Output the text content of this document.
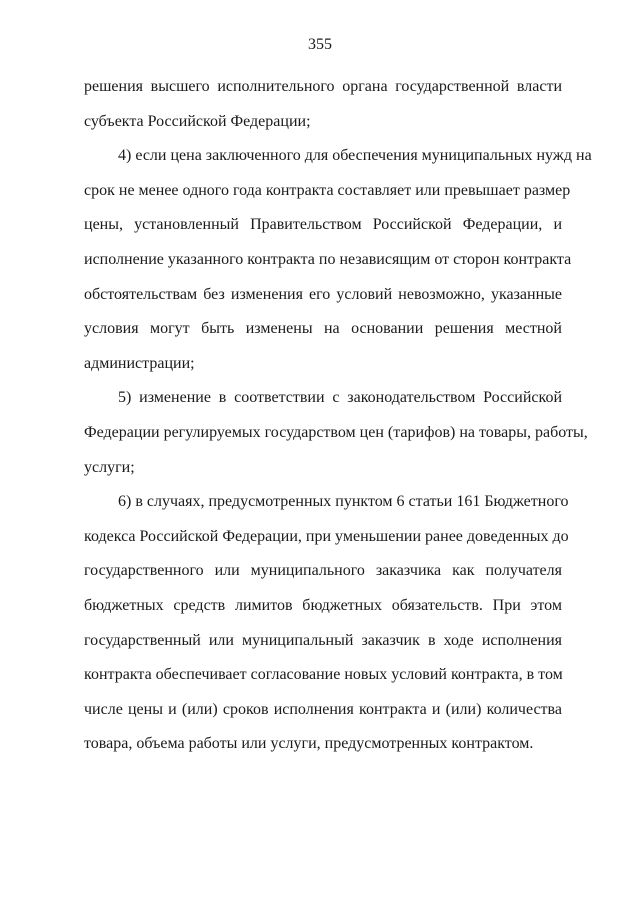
355

решения высшего исполнительного органа государственной власти
субъекта Российской Федерации;

4) если цена заключенного для обеспечения муниципальных нужд на
срок не менее одного года контракта составляет или превышает размер
цены, установленный Правительством Российской Федерации, и
исполнение указанного контракта по независящим от сторон контракта
обстоятельствам без изменения его условий невозможно, указанные
условия могут быть изменены на основании решения местной
администрации;

5) изменение в соответствии с законодательством Российской
Федерации регулируемых государством цен (тарифов) на товары, работы,
услуги;

6) в случаях, предусмотренных пунктом 6 статьи 161 Бюджетного
кодекса Российской Федерации, при уменьшении ранее доведенных до
государственного или муниципального заказчика как получателя
бюджетных средств лимитов бюджетных обязательств. При этом
государственный или муниципальный заказчик в ходе исполнения
контракта обеспечивает согласование новых условий контракта, в том
числе цены и (или) сроков исполнения контракта и (или) количества
товара, объема работы или услуги, предусмотренных контрактом.
